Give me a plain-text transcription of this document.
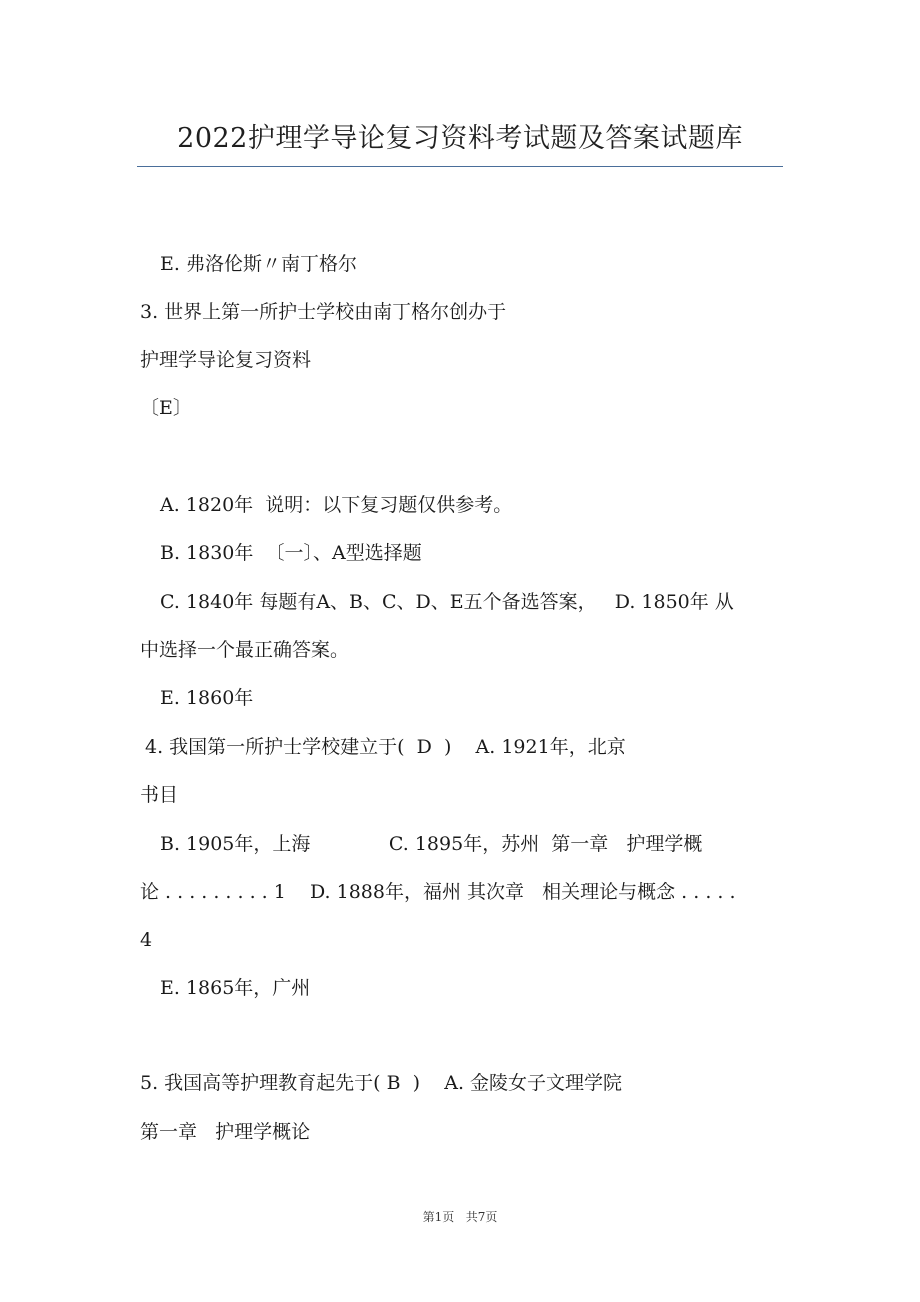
2022护理学导论复习资料考试题及答案试题库
E. 弗洛伦斯〃南丁格尔
3. 世界上第一所护士学校由南丁格尔创办于
护理学导论复习资料
〔E〕
A. 1820年  说明：以下复习题仅供参考。
B. 1830年  〔一〕、A型选择题
C. 1840年 每题有A、B、C、D、E五个备选答案，   D. 1850年 从
中选择一个最正确答案。
E. 1860年
4. 我国第一所护士学校建立于(  D  )    A. 1921年，北京
书目
B. 1905年，上海             C. 1895年，苏州  第一章   护理学概
论 . . . . . . . . . 1    D. 1888年，福州 其次章   相关理论与概念 . . . . .
4
E. 1865年，广州
5. 我国高等护理教育起先于( B  )    A. 金陵女子文理学院
第一章   护理学概论
第1页   共7页
